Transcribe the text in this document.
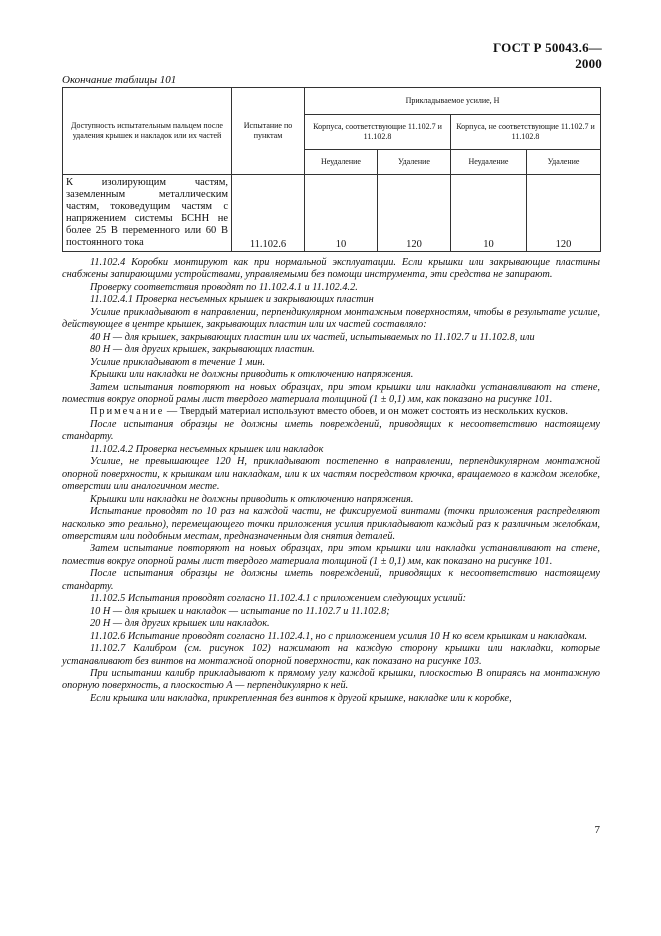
ГОСТ Р 50043.6—2000
Окончание таблицы 101
Доступность испытательным пальцем после удаления крышек и накладок или их частей	Испытание по пунктам	Прикладываемое усилие, Н			
		Корпуса, соответствующие 11.102.7 и 11.102.8		Корпуса, не соответствующие 11.102.7 и 11.102.8	
		Неудаление	Удаление	Неудаление	Удаление
К изолирующим частям, заземленным металлическим частям, токоведущим частям с напряжением системы БСНН не более 25 В переменного или 60 В постоянного тока	11.102.6	10	120	10	120

11.102.4 Коробки монтируют как при нормальной эксплуатации. Если крышки или закрывающие пластины снабжены запирающими устройствами, управляемыми без помощи инструмента, эти средства не запирают.

Проверку соответствия проводят по 11.102.4.1 и 11.102.4.2.

11.102.4.1 Проверка несъемных крышек и закрывающих пластин

Усилие прикладывают в направлении, перпендикулярном монтажным поверхностям, чтобы в результате усилие, действующее в центре крышек, закрывающих пластин или их частей составляло:

40 Н — для крышек, закрывающих пластин или их частей, испытываемых по 11.102.7 и 11.102.8, или

80 Н — для других крышек, закрывающих пластин.

Усилие прикладывают в течение 1 мин.

Крышки или накладки не должны приводить к отключению напряжения.

Затем испытания повторяют на новых образцах, при этом крышки или накладки устанавливают на стене, поместив вокруг опорной рамы лист твердого материала толщиной (1 ± 0,1) мм, как показано на рисунке 101.

Примечание — Твердый материал используют вместо обоев, и он может состоять из нескольких кусков.

После испытания образцы не должны иметь повреждений, приводящих к несоответствию настоящему стандарту.

11.102.4.2 Проверка несъемных крышек или накладок

Усилие, не превышающее 120 Н, прикладывают постепенно в направлении, перпендикулярном монтажной опорной поверхности, к крышкам или накладкам, или к их частям посредством крючка, вращаемого в каждом желобке, отверстии или аналогичном месте.

Крышки или накладки не должны приводить к отключению напряжения.

Испытание проводят по 10 раз на каждой части, не фиксируемой винтами (точки приложения распределяют насколько это реально), перемещающего точки приложения усилия прикладывают каждый раз к различным желобкам, отверстиям или подобным местам, предназначенным для снятия деталей.

Затем испытание повторяют на новых образцах, при этом крышки или накладки устанавливают на стене, поместив вокруг опорной рамы лист твердого материала толщиной (1 ± 0,1) мм, как показано на рисунке 101.

После испытания образцы не должны иметь повреждений, приводящих к несоответствию настоящему стандарту.

11.102.5 Испытания проводят согласно 11.102.4.1 с приложением следующих усилий:

10 Н — для крышек и накладок — испытание по 11.102.7 и 11.102.8;

20 Н — для других крышек или накладок.

11.102.6 Испытание проводят согласно 11.102.4.1, но с приложением усилия 10 Н ко всем крышкам и накладкам.

11.102.7 Калибром (см. рисунок 102) нажимают на каждую сторону крышки или накладки, которые устанавливают без винтов на монтажной опорной поверхности, как показано на рисунке 103.

При испытании калибр прикладывают к прямому углу каждой крышки, плоскостью В опираясь на монтажную опорную поверхность, а плоскостью А — перпендикулярно к ней.

Если крышка или накладка, прикрепленная без винтов к другой крышке, накладке или к коробке,

7
